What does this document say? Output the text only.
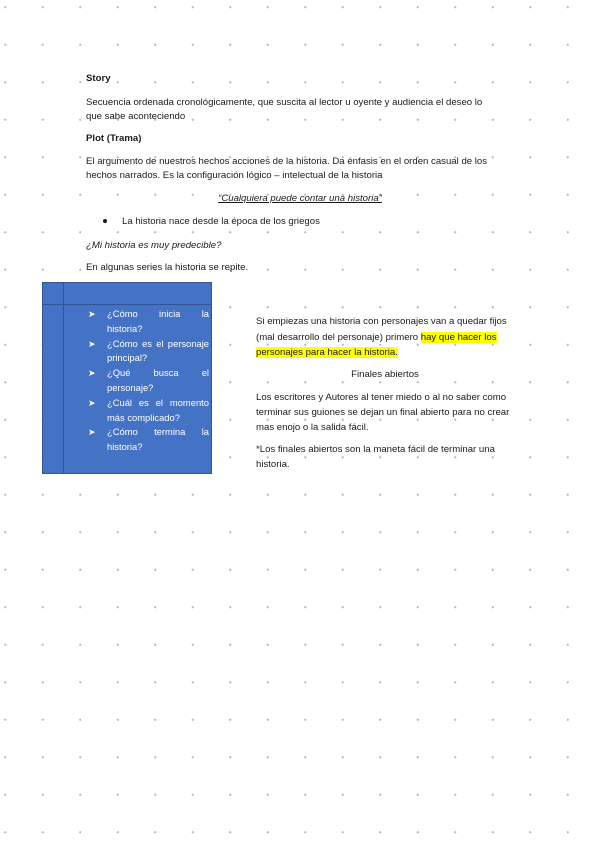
Story

Secuencia ordenada cronológicamente, que suscita al lector u oyente y audiencia el deseo lo

que sabe aconteciendo

Plot (Trama)

El argumento de nuestros hechos acciones de la historia. Da énfasis en el orden casual de los

hechos narrados. Es la configuración lógico – intelectual de la historia

“Cualquiera puede contar una historia”

La historia nace desde la época de los griegos

¿Mi historia es muy predecible?

En algunas series la historia se repite.

➤ ¿Cómo inicia la historia?
➤ ¿Cómo es el personaje principal?
➤ ¿Qué busca el personaje?
➤ ¿Cuál es el momento más complicado?
➤ ¿Cómo termina la historia?

Si empiezas una historia con personajes van a quedar fijos

(mal desarrollo del personaje) primero hay que hacer los

personajes para hacer la historia.

Finales abiertos

Los escritores y Autores al tener miedo o al no saber como

terminar sus guiones se dejan un final abierto para no crear

mas enojo o la salida fácil.

*Los finales abiertos son la maneta fácil de terminar una

historia.
